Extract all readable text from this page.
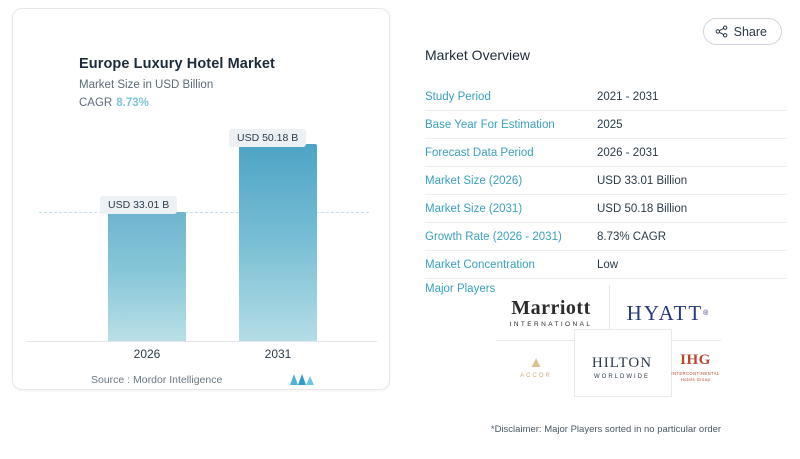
Europe Luxury Hotel Market
Market Size in USD Billion
CAGR 8.73%
USD 33.01 B
USD 50.18 B
2026	2031
Source : Mordor Intelligence
Share
Market Overview
Study Period	2021 - 2031
Base Year For Estimation	2025
Forecast Data Period	2026 - 2031
Market Size (2026)	USD 33.01 Billion
Market Size (2031)	USD 50.18 Billion
Growth Rate (2026 - 2031)	8.73% CAGR
Market Concentration	Low
Major Players
Marriott
INTERNATIONAL HYATT ®
▲
ACCOR
HILTON
WORLDWIDE
IHG
INTERCONTINENTAL Hotels Group
*Disclaimer: Major Players sorted in no particular order
